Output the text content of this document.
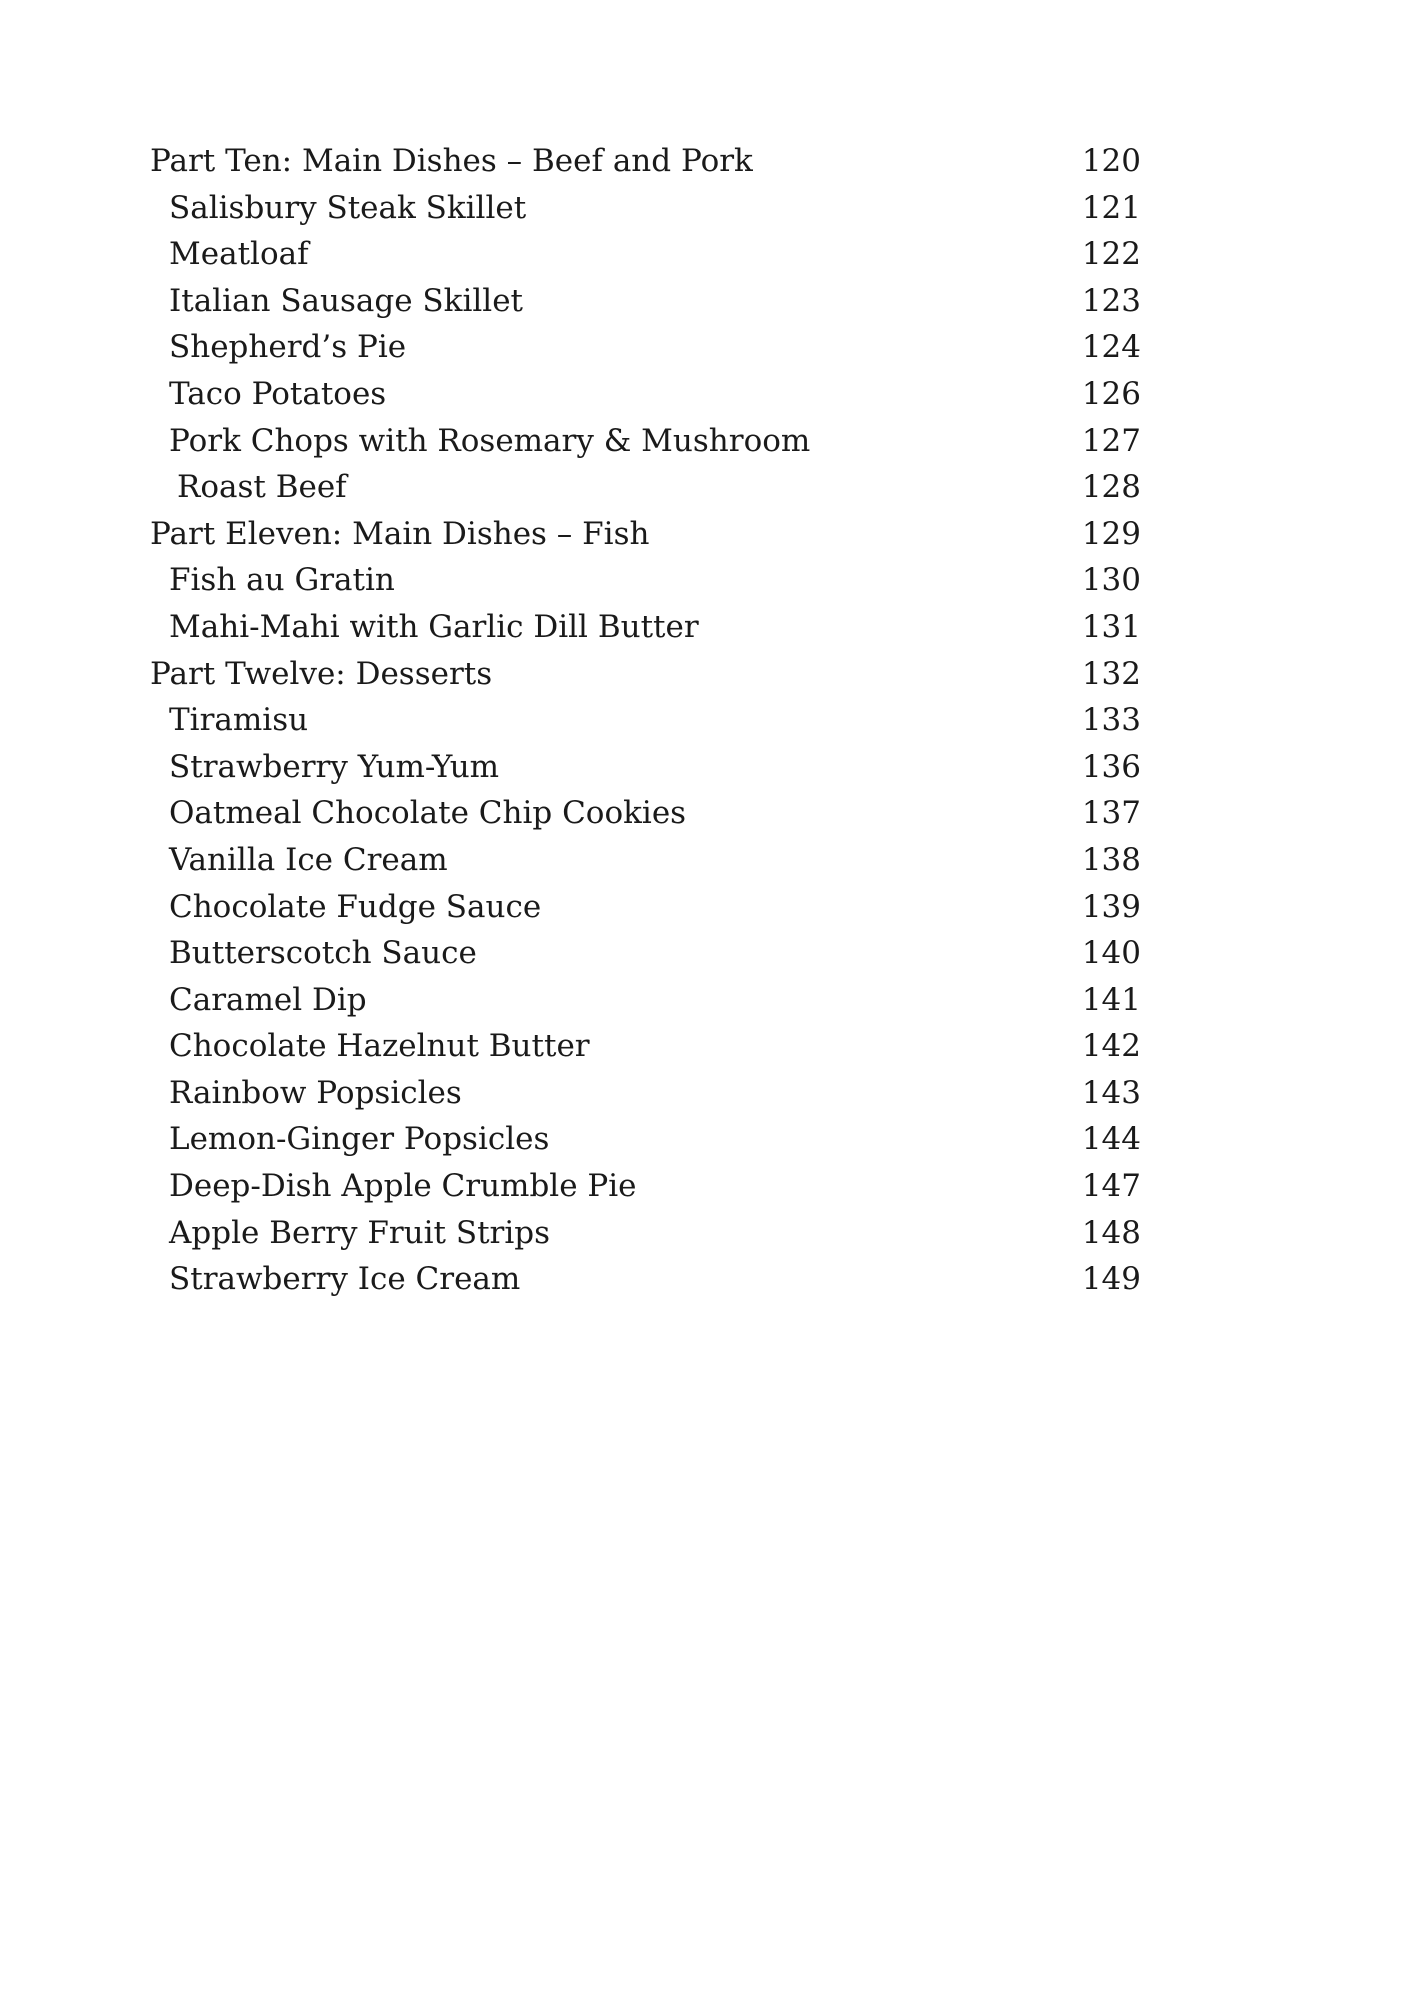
Part Ten: Main Dishes – Beef and Pork	120
Salisbury Steak Skillet	121
Meatloaf	122
Italian Sausage Skillet	123
Shepherd’s Pie	124
Taco Potatoes	126
Pork Chops with Rosemary & Mushroom	127
Roast Beef	128
Part Eleven: Main Dishes – Fish	129
Fish au Gratin	130
Mahi-Mahi with Garlic Dill Butter	131
Part Twelve: Desserts	132
Tiramisu	133
Strawberry Yum-Yum	136
Oatmeal Chocolate Chip Cookies	137
Vanilla Ice Cream	138
Chocolate Fudge Sauce	139
Butterscotch Sauce	140
Caramel Dip	141
Chocolate Hazelnut Butter	142
Rainbow Popsicles	143
Lemon-Ginger Popsicles	144
Deep-Dish Apple Crumble Pie	147
Apple Berry Fruit Strips	148
Strawberry Ice Cream	149
